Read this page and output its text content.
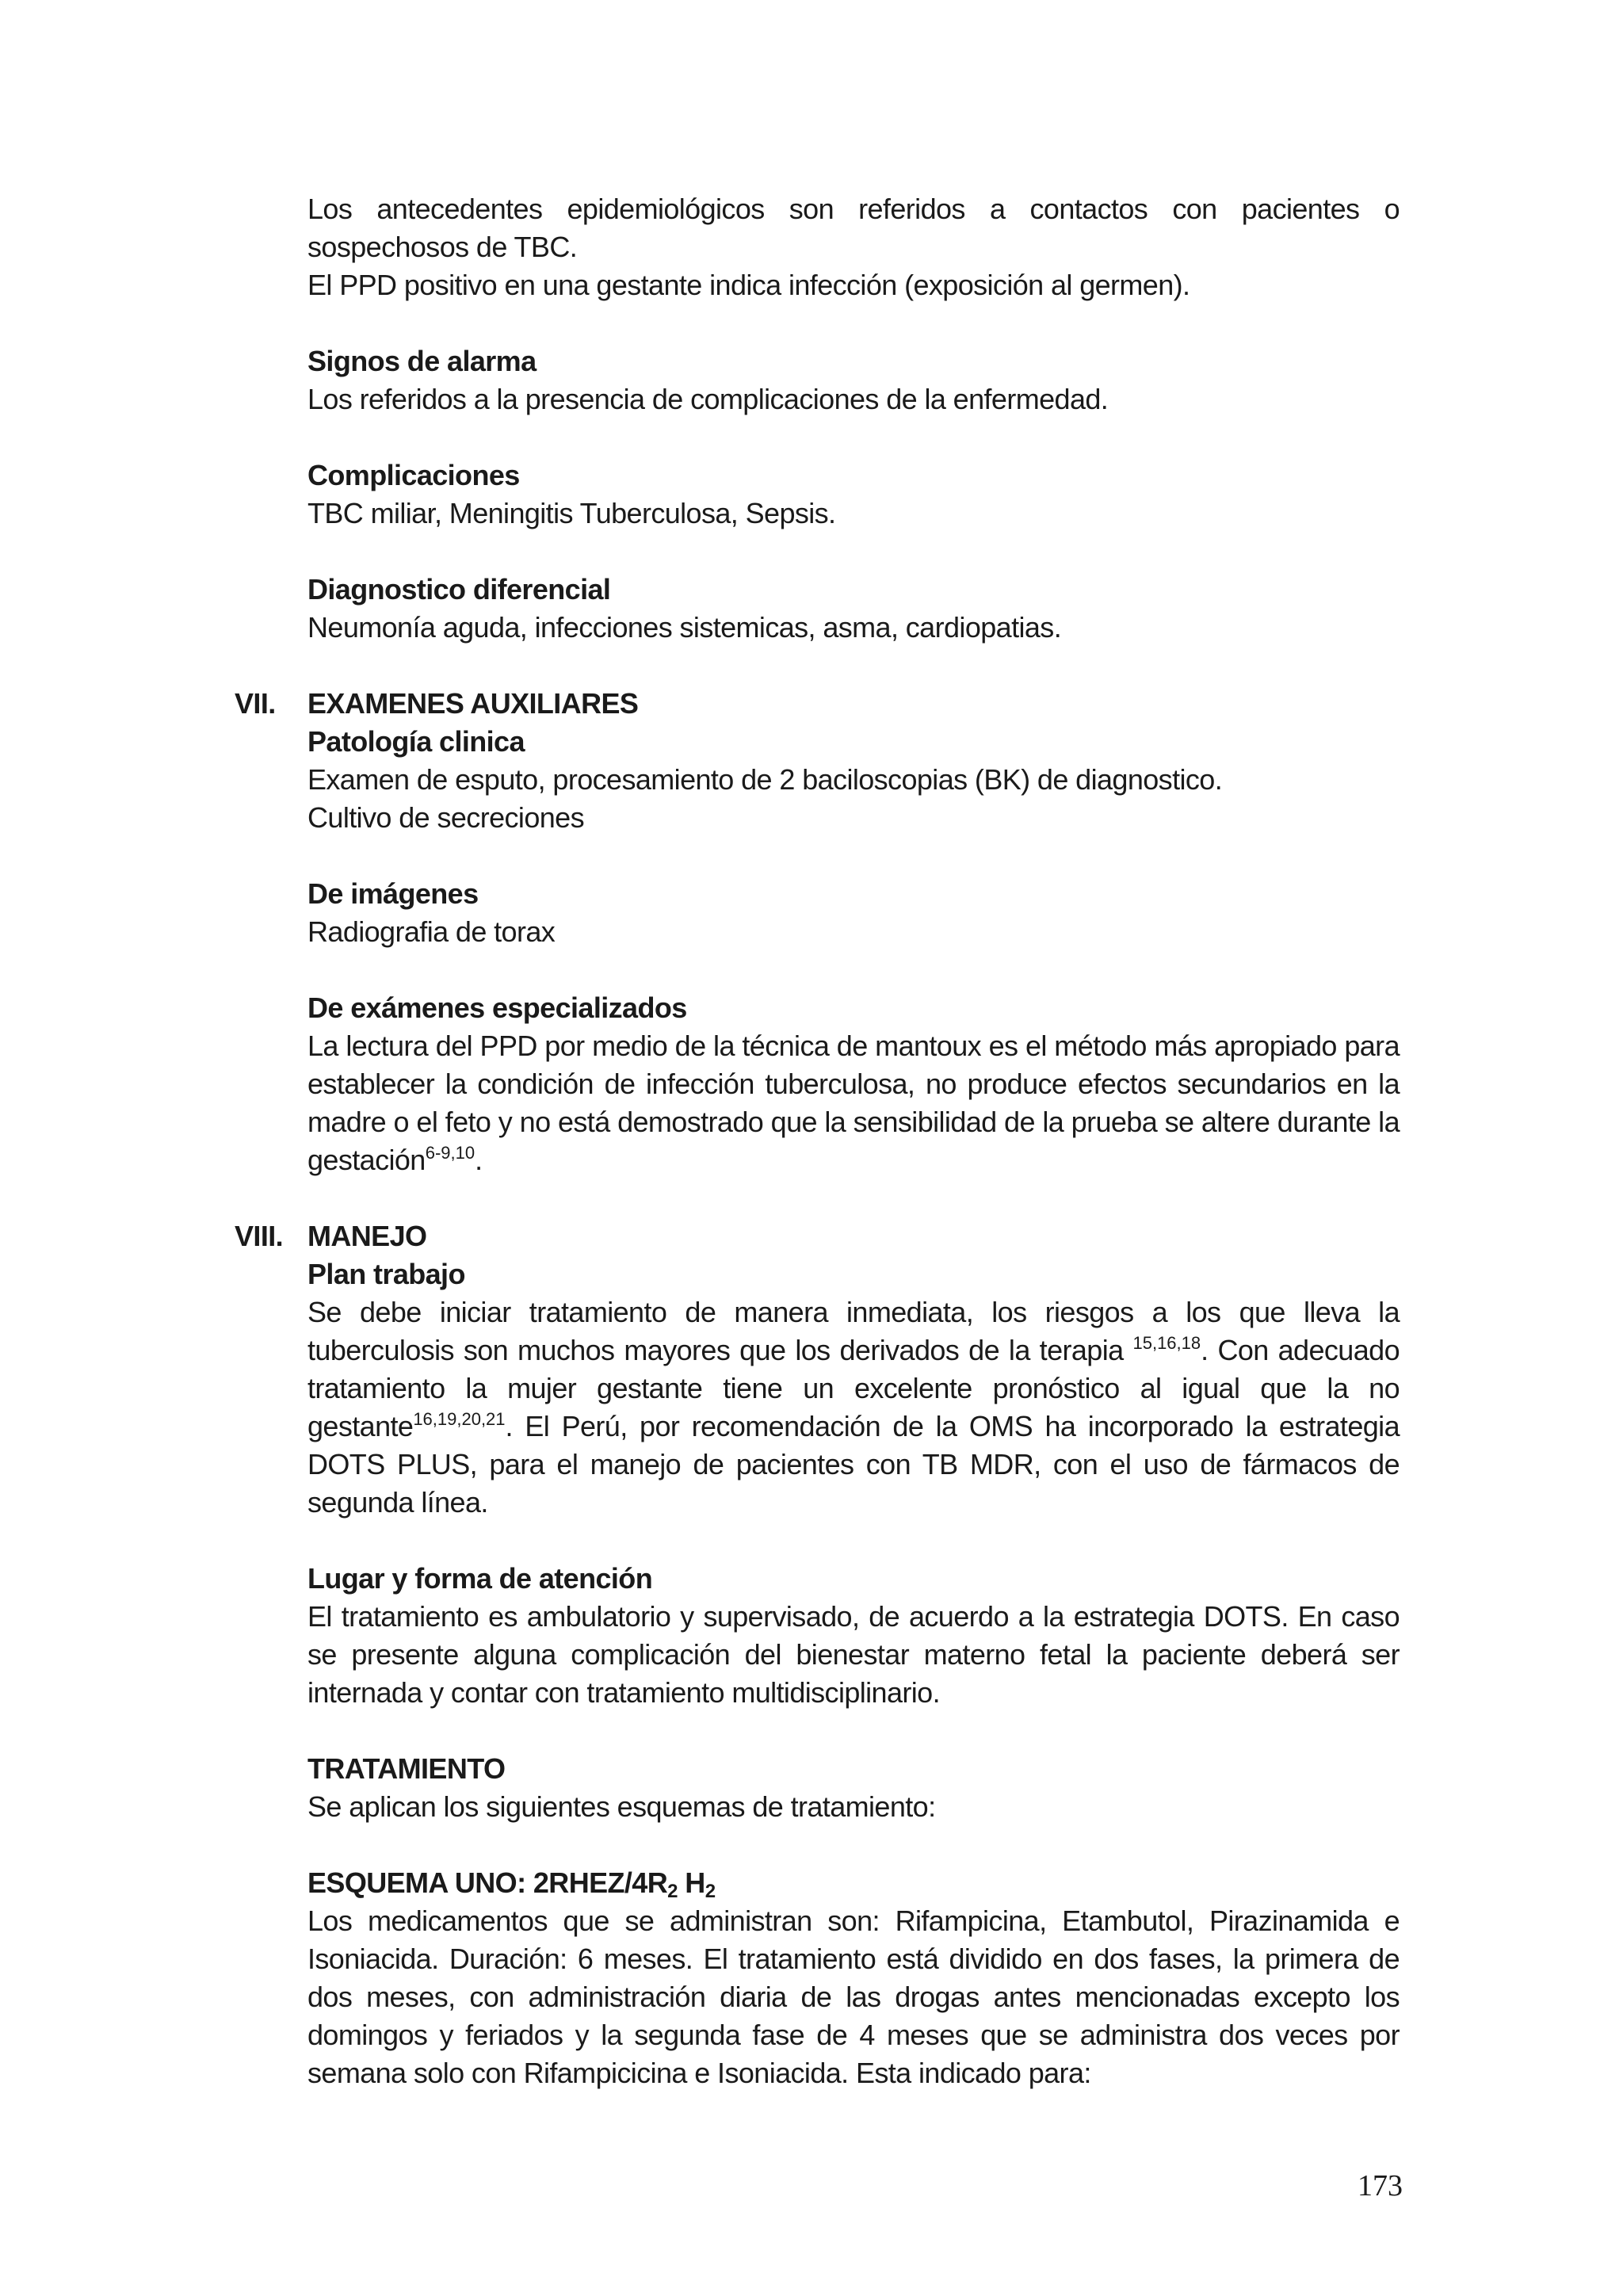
Los antecedentes epidemiológicos son referidos a contactos con pacientes o sospechosos de TBC.

El PPD positivo en una gestante indica infección (exposición al germen).

Signos de alarma

Los referidos a la presencia de complicaciones de la enfermedad.

Complicaciones

TBC miliar, Meningitis Tuberculosa, Sepsis.

Diagnostico diferencial

Neumonía aguda, infecciones sistemicas, asma, cardiopatias.

VII.	EXAMENES AUXILIARES

Patología clinica

Examen de esputo, procesamiento de 2 baciloscopias (BK) de diagnostico.

Cultivo de secreciones

De imágenes

Radiografia de torax

De exámenes especializados

La lectura del PPD por medio de la técnica de mantoux es el método más apropiado para establecer la condición de infección tuberculosa, no produce efectos secundarios en la madre o el feto y no está demostrado que la sensibilidad de la prueba se altere durante la gestación$^{6-9,10}$.

VIII. MANEJO

Plan trabajo

Se debe iniciar tratamiento de manera inmediata, los riesgos a los que lleva la tuberculosis son muchos mayores que los derivados de la terapia $^{15,16,18}$. Con adecuado tratamiento la mujer gestante tiene un excelente pronóstico al igual que la no gestante$^{16,19,20,21}$. El Perú, por recomendación de la OMS ha incorporado la estrategia DOTS PLUS, para el manejo de pacientes con TB MDR, con el uso de fármacos de segunda línea.

Lugar y forma de atención

El tratamiento es ambulatorio y supervisado, de acuerdo a la estrategia DOTS. En caso se presente alguna complicación del bienestar materno fetal la paciente deberá ser internada y contar con tratamiento multidisciplinario.

TRATAMIENTO

Se aplican los siguientes esquemas de tratamiento:

ESQUEMA UNO: $2RHEZ/4R_2$ $H_2$

Los medicamentos que se administran son: Rifampicina, Etambutol, Pirazinamida e Isoniacida. Duración: 6 meses. El tratamiento está dividido en dos fases, la primera de dos meses, con administración diaria de las drogas antes mencionadas excepto los domingos y feriados y la segunda fase de 4 meses que se administra dos veces por semana solo con Rifampicicina e Isoniacida. Esta indicado para:

173
